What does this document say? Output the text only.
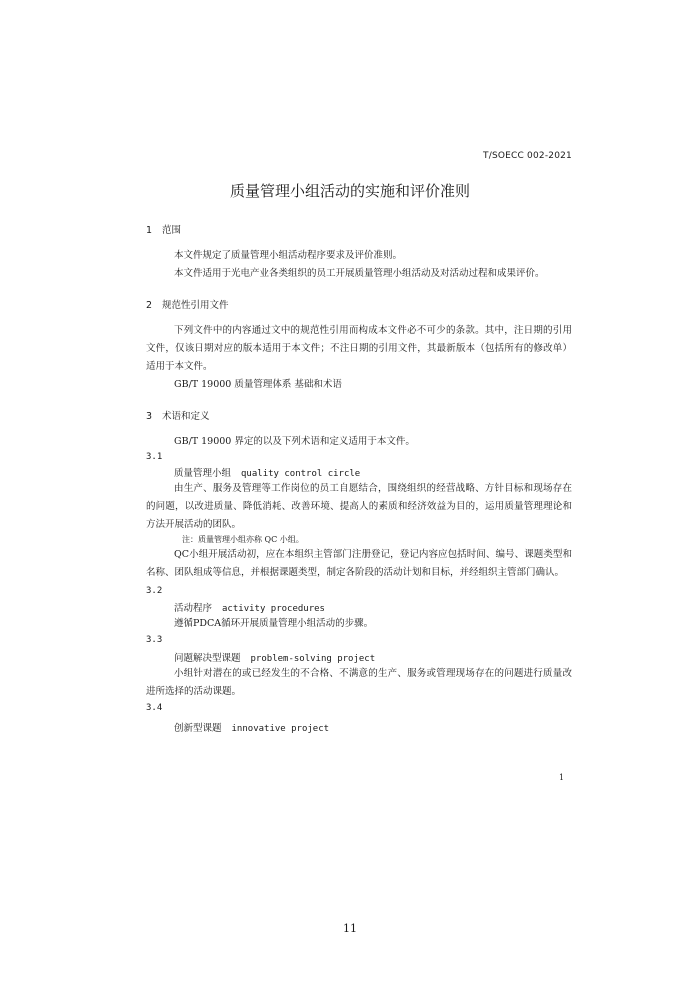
T/SOECC 002-2021
质量管理小组活动的实施和评价准则
1 范围
本文件规定了质量管理小组活动程序要求及评价准则。
本文件适用于光电产业各类组织的员工开展质量管理小组活动及对活动过程和成果评价。
2 规范性引用文件
下列文件中的内容通过文中的规范性引用而构成本文件必不可少的条款。其中，注日期的引用文件，仅该日期对应的版本适用于本文件；不注日期的引用文件，其最新版本（包括所有的修改单）适用于本文件。
GB/T 19000 质量管理体系 基础和术语
3 术语和定义
GB/T 19000 界定的以及下列术语和定义适用于本文件。
3.1
质量管理小组 quality control circle
由生产、服务及管理等工作岗位的员工自愿结合，围绕组织的经营战略、方针目标和现场存在的问题，以改进质量、降低消耗、改善环境、提高人的素质和经济效益为目的，运用质量管理理论和方法开展活动的团队。
注：质量管理小组亦称 QC 小组。
QC小组开展活动初，应在本组织主管部门注册登记，登记内容应包括时间、编号、课题类型和名称、团队组成等信息，并根据课题类型，制定各阶段的活动计划和目标，并经组织主管部门确认。
3.2
活动程序 activity procedures
遵循PDCA循环开展质量管理小组活动的步骤。
3.3
问题解决型课题 problem-solving project
小组针对潜在的或已经发生的不合格、不满意的生产、服务或管理现场存在的问题进行质量改进所选择的活动课题。
3.4
创新型课题 innovative project
1
11
